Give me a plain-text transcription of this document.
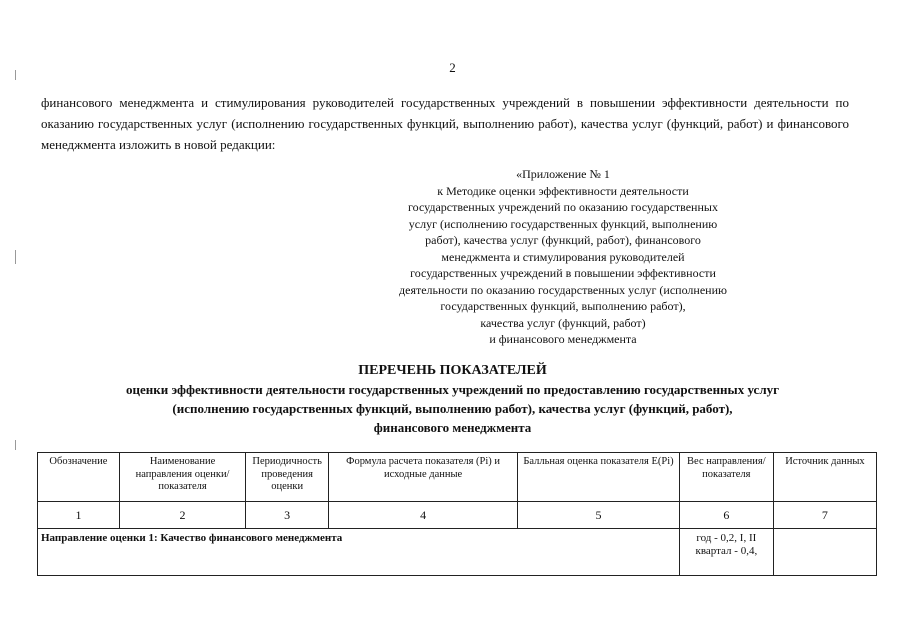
2
финансового менеджмента и стимулирования руководителей государственных учреждений в повышении эффективности деятельности по оказанию государственных услуг (исполнению государственных функций, выполнению работ), качества услуг (функций, работ) и финансового менеджмента изложить в новой редакции:
«Приложение № 1
к Методике оценки эффективности деятельности
государственных учреждений по оказанию государственных
услуг (исполнению государственных функций, выполнению
работ), качества услуг (функций, работ), финансового
менеджмента и стимулирования руководителей
государственных учреждений в повышении эффективности
деятельности по оказанию государственных услуг (исполнению
государственных функций, выполнению работ),
качества услуг (функций, работ)
и финансового менеджмента
ПЕРЕЧЕНЬ ПОКАЗАТЕЛЕЙ
оценки эффективности деятельности государственных учреждений по предоставлению государственных услуг
(исполнению государственных функций, выполнению работ), качества услуг (функций, работ),
финансового менеджмента
Обозначение	Наименование направления оценки/показателя	Периодичность проведения оценки	Формула расчета показателя (Pi) и исходные данные	Балльная оценка показателя E(Pi)	Вес направления/ показателя	Источник данных
1	2	3	4	5	6	7
Направление оценки 1: Качество финансового менеджмента					год - 0,2, I, II квартал - 0,4,	
